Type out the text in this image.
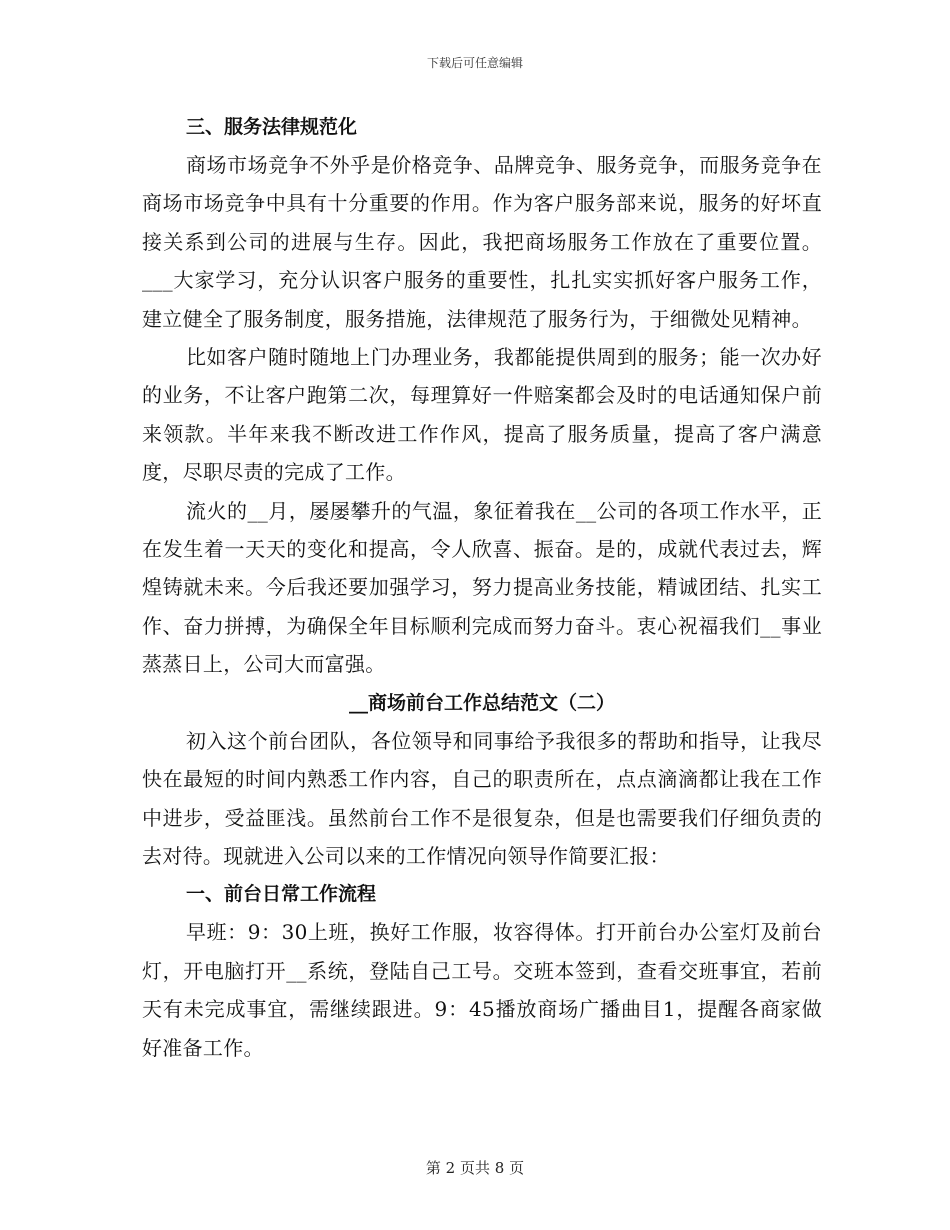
下载后可任意编辑
三、服务法律规范化

商场市场竞争不外乎是价格竞争、品牌竞争、服务竞争，而服务竞争在商场市场竞争中具有十分重要的作用。作为客户服务部来说，服务的好坏直接关系到公司的进展与生存。因此，我把商场服务工作放在了重要位置。___大家学习，充分认识客户服务的重要性，扎扎实实抓好客户服务工作，建立健全了服务制度，服务措施，法律规范了服务行为，于细微处见精神。

比如客户随时随地上门办理业务，我都能提供周到的服务；能一次办好的业务，不让客户跑第二次，每理算好一件赔案都会及时的电话通知保户前来领款。半年来我不断改进工作作风，提高了服务质量，提高了客户满意度，尽职尽责的完成了工作。

流火的__月，屡屡攀升的气温，象征着我在__公司的各项工作水平，正在发生着一天天的变化和提高，令人欣喜、振奋。是的，成就代表过去，辉煌铸就未来。今后我还要加强学习，努力提高业务技能，精诚团结、扎实工作、奋力拼搏，为确保全年目标顺利完成而努力奋斗。衷心祝福我们__事业蒸蒸日上，公司大而富强。

__商场前台工作总结范文（二）

初入这个前台团队，各位领导和同事给予我很多的帮助和指导，让我尽快在最短的时间内熟悉工作内容，自己的职责所在，点点滴滴都让我在工作中进步，受益匪浅。虽然前台工作不是很复杂，但是也需要我们仔细负责的去对待。现就进入公司以来的工作情况向领导作简要汇报：

一、前台日常工作流程

早班：9：30上班，换好工作服，妆容得体。打开前台办公室灯及前台灯，开电脑打开__系统，登陆自己工号。交班本签到，查看交班事宜，若前天有未完成事宜，需继续跟进。9：45播放商场广播曲目1，提醒各商家做好准备工作。

第 2 页共 8 页
